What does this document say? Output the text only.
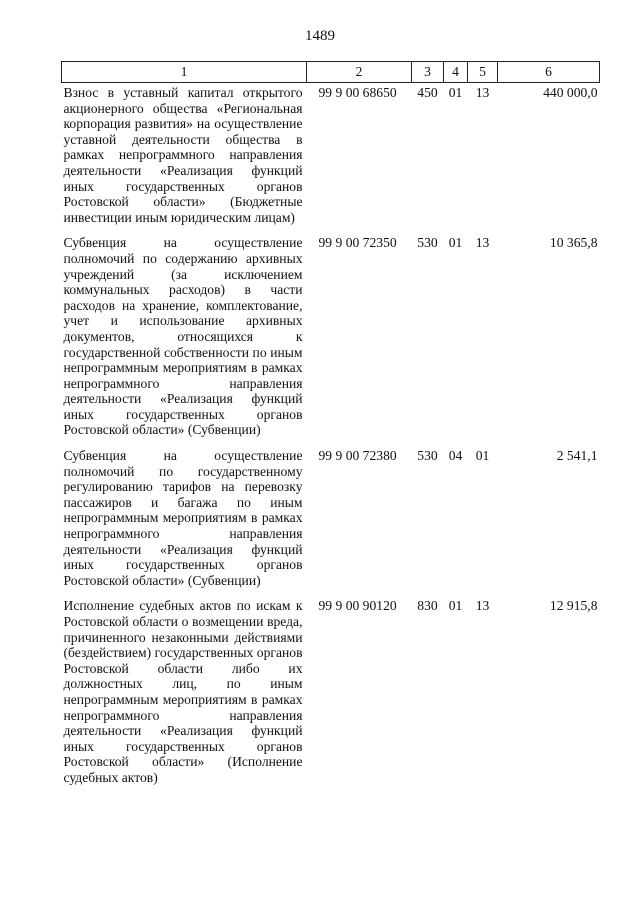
1489
1	2	3	4	5	6
Взнос в уставный капитал открытого акционерного общества «Региональная корпорация развития» на осуществление уставной деятельности общества в рамках непрограммного направления деятельности «Реализация функций иных государственных органов Ростовской области» (Бюджетные инвестиции иным юридическим лицам)	99 9 00 68650	450	01	13	440 000,0
Субвенция на осуществление полномочий по содержанию архивных учреждений (за исключением коммунальных расходов) в части расходов на хранение, комплектование, учет и использование архивных документов, относящихся к государственной собственности по иным непрограммным мероприятиям в рамках непрограммного направления деятельности «Реализация функций иных государственных органов Ростовской области» (Субвенции)	99 9 00 72350	530	01	13	10 365,8
Субвенция на осуществление полномочий по государственному регулированию тарифов на перевозку пассажиров и багажа по иным непрограммным мероприятиям в рамках непрограммного направления деятельности «Реализация функций иных государственных органов Ростовской области» (Субвенции)	99 9 00 72380	530	04	01	2 541,1
Исполнение судебных актов по искам к Ростовской области о возмещении вреда, причиненного незаконными действиями (бездействием) государственных органов Ростовской области либо их должностных лиц, по иным непрограммным мероприятиям в рамках непрограммного направления деятельности «Реализация функций иных государственных органов Ростовской области» (Исполнение судебных актов)	99 9 00 90120	830	01	13	12 915,8
